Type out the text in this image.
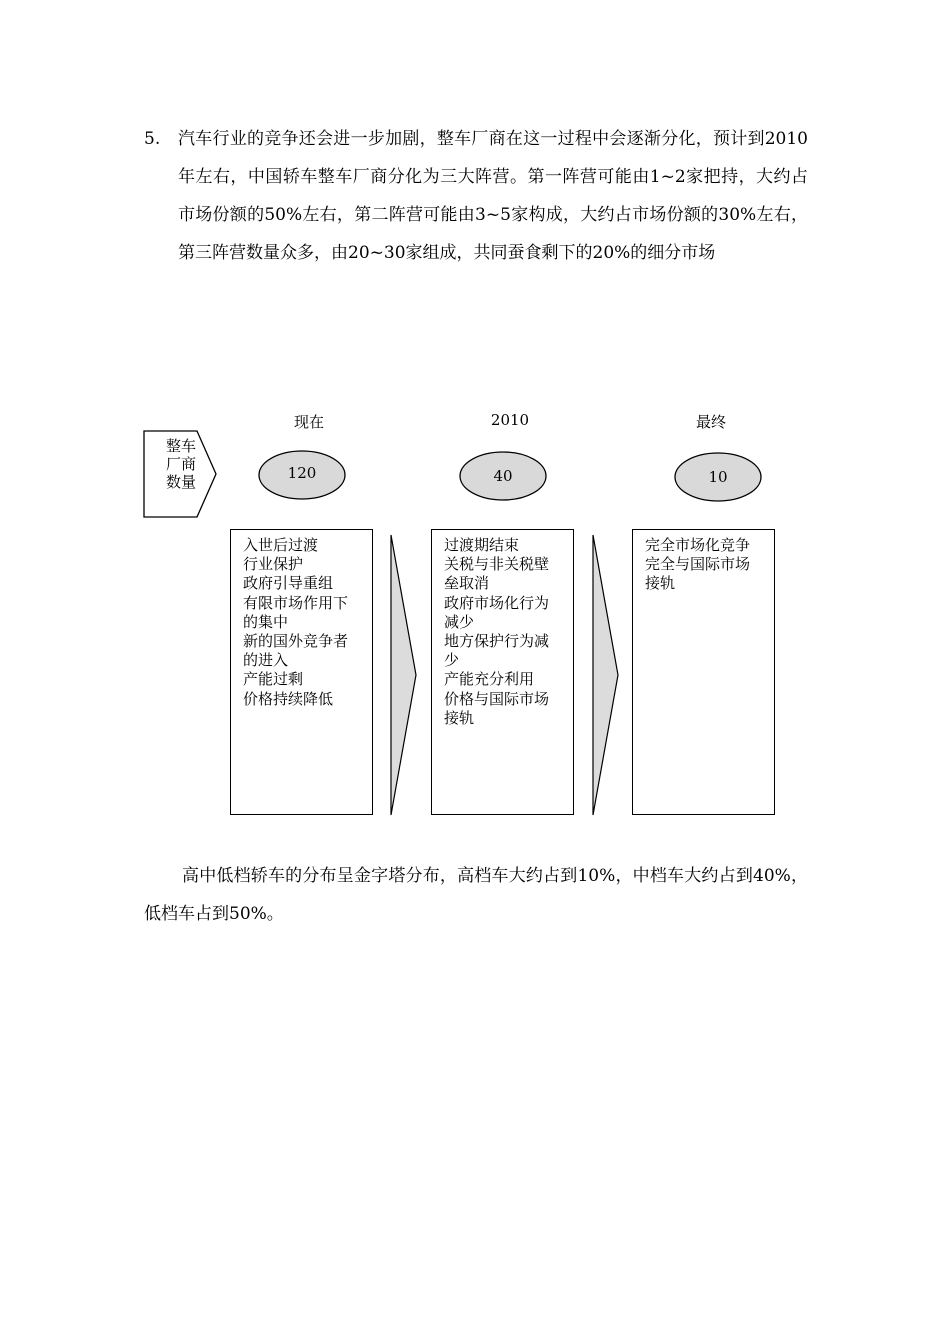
5. 汽车行业的竞争还会进一步加剧，整车厂商在这一过程中会逐渐分化，预计到2010年左右，中国轿车整车厂商分化为三大阵营。第一阵营可能由1~2家把持，大约占市场份额的50%左右，第二阵营可能由3~5家构成，大约占市场份额的30%左右，第三阵营数量众多，由20~30家组成，共同蚕食剩下的20%的细分市场
整车
厂商
数量
现在	2010	最终
120	40	10
入世后过渡
行业保护
政府引导重组
有限市场作用下
的集中
新的国外竞争者
的进入
产能过剩
价格持续降低
过渡期结束
关税与非关税壁
垒取消
政府市场化行为
减少
地方保护行为减
少
产能充分利用
价格与国际市场
接轨
完全市场化竞争
完全与国际市场
接轨
高中低档轿车的分布呈金字塔分布，高档车大约占到10%，中档车大约占到40%，低档车占到50%。
